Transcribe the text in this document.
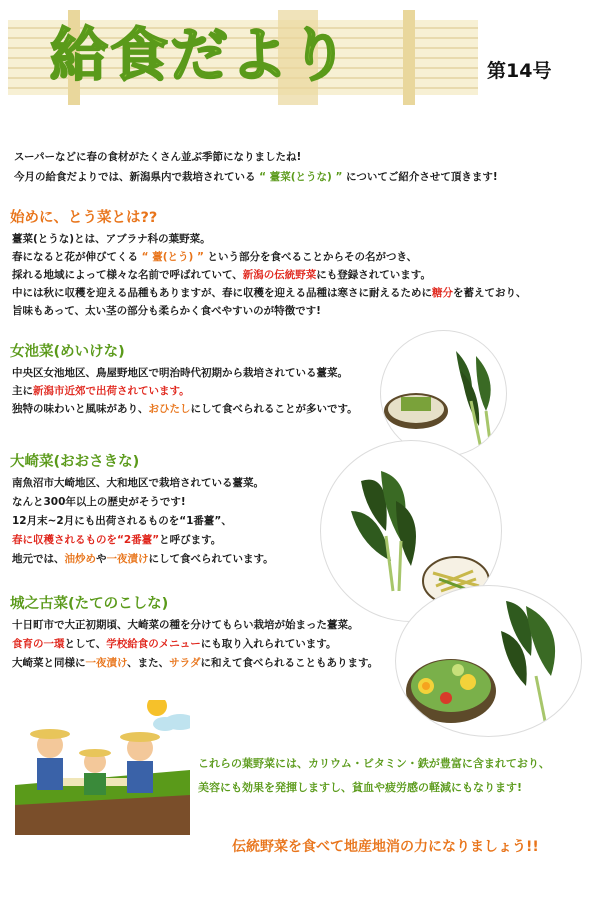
給食だより	第14号
スーパーなどに春の食材がたくさん並ぶ季節になりましたね!
今月の給食だよりでは、新潟県内で栽培されている “ 薹菜(とうな) ” についてご紹介させて頂きます!
始めに、とう菜とは??
薹菜(とうな)とは、アブラナ科の葉野菜。
春になると花が伸びてくる “ 薹(とう) ” という部分を食べることからその名がつき、
採れる地域によって様々な名前で呼ばれていて、新潟の伝統野菜にも登録されています。
中には秋に収穫を迎える品種もありますが、春に収穫を迎える品種は寒さに耐えるために糖分を蓄えており、
旨味もあって、太い茎の部分も柔らかく食べやすいのが特徴です!
女池菜(めいけな)
中央区女池地区、鳥屋野地区で明治時代初期から栽培されている薹菜。
主に新潟市近郊で出荷されています。
独特の味わいと風味があり、おひたしにして食べられることが多いです。
大崎菜(おおさきな)
南魚沼市大崎地区、大和地区で栽培されている薹菜。
なんと300年以上の歴史がそうです!
12月末~2月にも出荷されるものを“1番薹”、
春に収穫されるものを“2番薹”と呼びます。
地元では、油炒めや一夜漬けにして食べられています。
城之古菜(たてのこしな)
十日町市で大正初期頃、大崎菜の種を分けてもらい栽培が始まった薹菜。
食育の一環として、学校給食のメニューにも取り入れられています。
大崎菜と同様に一夜漬け、また、サラダに和えて食べられることもあります。
これらの葉野菜には、カリウム・ビタミン・鉄が豊富に含まれており、
美容にも効果を発揮しますし、貧血や疲労感の軽減にもなります!
伝統野菜を食べて地産地消の力になりましょう!!
